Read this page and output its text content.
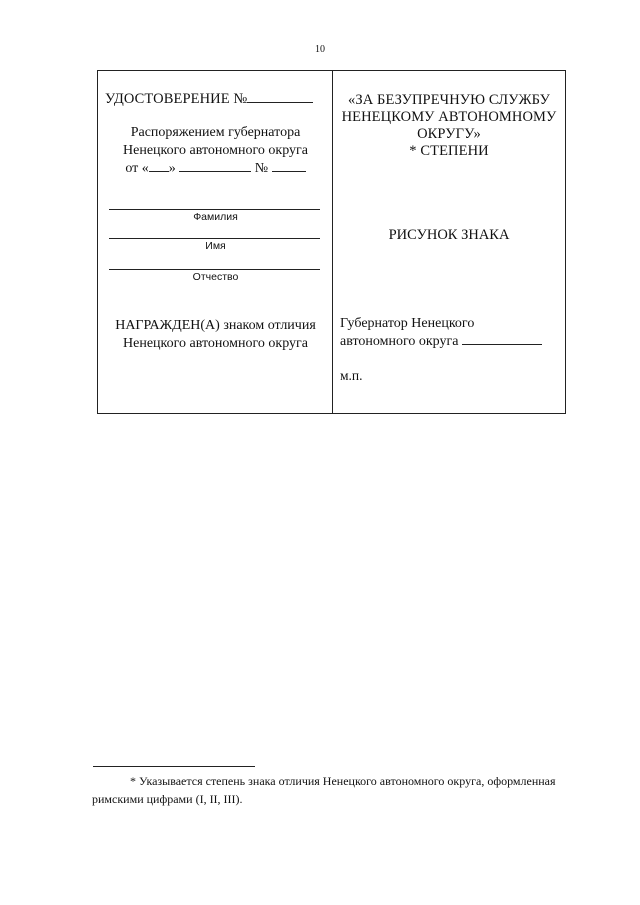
10
УДОСТОВЕРЕНИЕ №
Распоряжением губернатора
Ненецкого автономного округа
от « »	№
Фамилия
Имя
Отчество
НАГРАЖДЕН(А) знаком отличия
Ненецкого автономного округа
«ЗА БЕЗУПРЕЧНУЮ СЛУЖБУ
НЕНЕЦКОМУ АВТОНОМНОМУ
ОКРУГУ»
* СТЕПЕНИ
РИСУНОК ЗНАКА
Губернатор Ненецкого
автономного округа
м.п.
* Указывается степень знака отличия Ненецкого автономного округа, оформленная
римскими цифрами (I, II, III).
